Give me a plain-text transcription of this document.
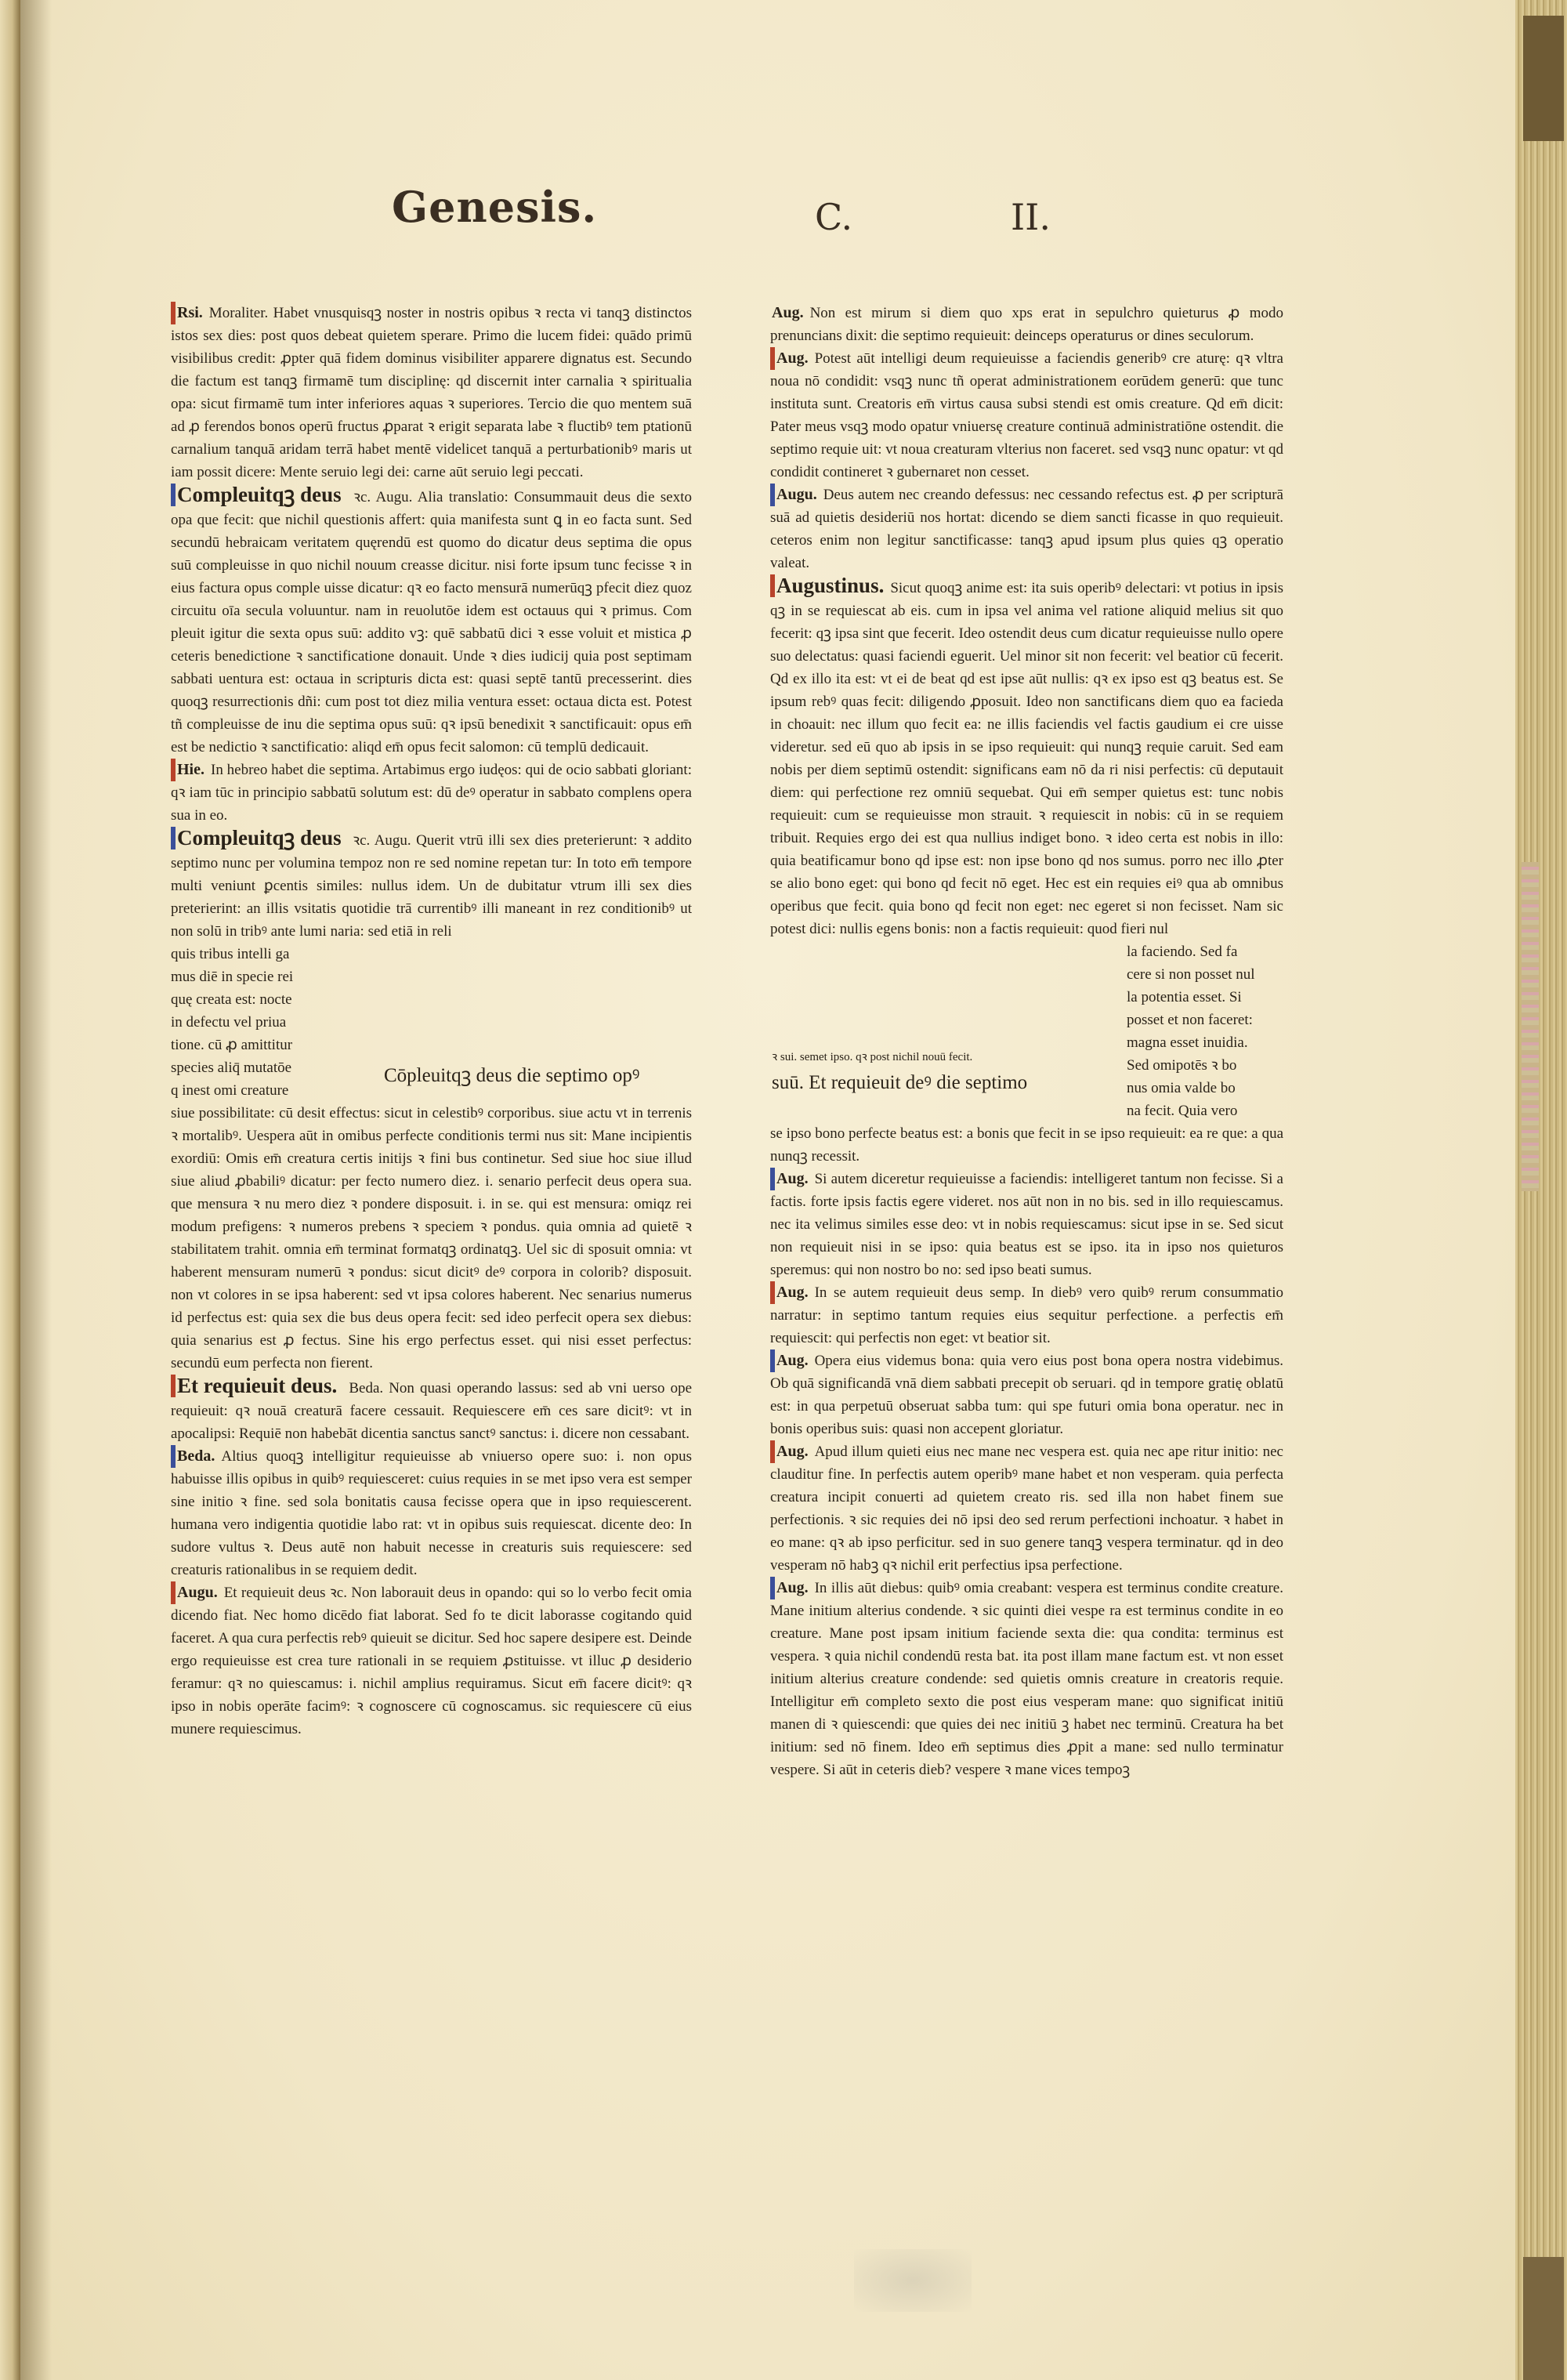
Genesis.	C.	II.

Rsi. Moraliter. Habet vnusquisqꝫ noster in nostris opibus ꝛ recta vi tanqꝫ distinctos istos sex dies: post quos debeat quietem sperare. Primo die lucem fidei: quādo primū visibilibus credit: ꝓpter quā fidem dominus visibiliter apparere dignatus est. Secundo die factum est tanqꝫ firmamē tum disciplinę: qd discernit inter carnalia ꝛ spiritualia opa: sicut firmamē tum inter inferiores aquas ꝛ superiores. Tercio die quo mentem suā ad ꝓ ferendos bonos operū fructus ꝓparat ꝛ erigit separata labe ꝛ fluctibꝰ tem ptationū carnalium tanquā aridam terrā habet mentē videlicet tanquā a perturbationibꝰ maris ut iam possit dicere: Mente seruio legi dei: carne aūt seruio legi peccati.

Compleuitqꝫ deus ꝛc. Augu. Alia translatio: Consummauit deus die sexto opa que fecit: que nichil questionis affert: quia manifesta sunt ꝗ in eo facta sunt. Sed secundū hebraicam veritatem quęrendū est quomo do dicatur deus septima die opus suū compleuisse in quo nichil nouum creasse dicitur. nisi forte ipsum tunc fecisse ꝛ in eius factura opus comple uisse dicatur: qꝛ eo facto mensurā numerūqꝫ pfecit diez quoz circuitu oīa secula voluuntur. nam in reuolutōe idem est octauus qui ꝛ primus. Com pleuit igitur die sexta opus suū: addito vꝫ: quē sabbatū dici ꝛ esse voluit et mistica ꝓ ceteris benedictione ꝛ sanctificatione donauit. Unde ꝛ dies iudicij quia post septimam sabbati uentura est: octaua in scripturis dicta est: quasi septē tantū precesserint. dies quoqꝫ resurrectionis dñi: cum post tot diez milia ventura esset: octaua dicta est. Potest tñ compleuisse de inu die septima opus suū: qꝛ ipsū benedixit ꝛ sanctificauit: opus em̄ est be nedictio ꝛ sanctificatio: aliqd em̄ opus fecit salomon: cū templū dedicauit.

Hie. In hebreo habet die septima. Artabimus ergo iudęos: qui de ocio sabbati gloriant: qꝛ iam tūc in principio sabbatū solutum est: dū deꝰ operatur in sabbato complens opera sua in eo.

Compleuitqꝫ deus ꝛc. Augu. Querit vtrū illi sex dies preterierunt: ꝛ addito septimo nunc per volumina tempoz non re sed nomine repetan tur: In toto em̄ tempore multi veniunt ꝑcentis similes: nullus idem. Un de dubitatur vtrum illi sex dies preterierint: an illis vsitatis quotidie trā currentibꝰ illi maneant in rez conditionibꝰ ut non solū in tribꝰ ante lumi naria: sed etiā in reli

quis tribus intelli ga

mus diē in specie rei

quę creata est: nocte

in defectu vel priua

tione. cū ꝓ amittitur

species aliq̄ mutatōe

q inest omi creature

siue possibilitate: cū desit effectus: sicut in celestibꝰ corporibus. siue actu vt in terrenis ꝛ mortalibꝰ. Uespera aūt in omibus perfecte conditionis termi nus sit: Mane incipientis exordiū: Omis em̄ creatura certis initijs ꝛ fini bus continetur. Sed siue hoc siue illud siue aliud ꝓbabiliꝰ dicatur: per fecto numero diez. i. senario perfecit deus opera sua. que mensura ꝛ nu mero diez ꝛ pondere disposuit. i. in se. qui est mensura: omiqz rei modum prefigens: ꝛ numeros prebens ꝛ speciem ꝛ pondus. quia omnia ad quietē ꝛ stabilitatem trahit. omnia em̄ terminat formatqꝫ ordinatqꝫ. Uel sic di sposuit omnia: vt haberent mensuram numerū ꝛ pondus: sicut dicitꝰ deꝰ corpora in colorib? disposuit. non vt colores in se ipsa haberent: sed vt ipsa colores haberent. Nec senarius numerus id perfectus est: quia sex die bus deus opera fecit: sed ideo perfecit opera sex diebus: quia senarius est ꝓ fectus. Sine his ergo perfectus esset. qui nisi esset perfectus: secundū eum perfecta non fierent.

Et requieuit deus. Beda. Non quasi operando lassus: sed ab vni uerso ope requieuit: qꝛ nouā creaturā facere cessauit. Requiescere em̄ ces sare dicitꝰ: vt in apocalipsi: Requiē non habebāt dicentia sanctus sanctꝰ sanctus: i. dicere non cessabant.

Beda. Altius quoqꝫ intelligitur requieuisse ab vniuerso opere suo: i. non opus habuisse illis opibus in quibꝰ requiesceret: cuius requies in se met ipso vera est semper sine initio ꝛ fine. sed sola bonitatis causa fecisse opera que in ipso requiescerent. humana vero indigentia quotidie labo rat: vt in opibus suis requiescat. dicente deo: In sudore vultus ꝛ. Deus autē non habuit necesse in creaturis suis requiescere: sed creaturis rationalibus in se requiem dedit.

Augu. Et requieuit deus ꝛc. Non laborauit deus in opando: qui so lo verbo fecit omia dicendo fiat. Nec homo dicēdo fiat laborat. Sed fo te dicit laborasse cogitando quid faceret. A qua cura perfectis rebꝰ quieuit se dicitur. Sed hoc sapere desipere est. Deinde ergo requieuisse est crea ture rationali in se requiem ꝓstituisse. vt illuc ꝓ desiderio feramur: qꝛ no quiescamus: i. nichil amplius requiramus. Sicut em̄ facere dicitꝰ: qꝛ ipso in nobis operāte facimꝰ: ꝛ cognoscere cū cognoscamus. sic requiescere cū eius munere requiescimus.

Cōpleuitqꝫ deus die septimo opꝰ

ꝛ sui. semet ipso. qꝛ post nichil nouū fecit.

suū. Et requieuit deꝰ die septimo

Aug. Non est mirum si diem quo xps erat in sepulchro quieturus ꝓ modo prenuncians dixit: die septimo requieuit: deinceps operaturus or dines seculorum.

Aug. Potest aūt intelligi deum requieuisse a faciendis generibꝰ cre aturę: qꝛ vltra noua nō condidit: vsqꝫ nunc tñ operat administrationem eorūdem generū: que tunc instituta sunt. Creatoris em̄ virtus causa subsi stendi est omis creature. Qd em̄ dicit: Pater meus vsqꝫ modo opatur vniuersę creature continuā administratiōne ostendit. die septimo requie uit: vt noua creaturam vlterius non faceret. sed vsqꝫ nunc opatur: vt qd condidit contineret ꝛ gubernaret non cesset.

Augu. Deus autem nec creando defessus: nec cessando refectus est. ꝓ per scripturā suā ad quietis desideriū nos hortat: dicendo se diem sancti ficasse in quo requieuit. ceteros enim non legitur sanctificasse: tanqꝫ apud ipsum plus quies qꝫ operatio valeat.

Augustinus. Sicut quoqꝫ anime est: ita suis operibꝰ delectari: vt potius in ipsis qꝫ in se requiescat ab eis. cum in ipsa vel anima vel ratione aliquid melius sit quo fecerit: qꝫ ipsa sint que fecerit. Ideo ostendit deus cum dicatur requieuisse nullo opere suo delectatus: quasi faciendi eguerit. Uel minor sit non fecerit: vel beatior cū fecerit. Qd ex illo ita est: vt ei de beat qd est ipse aūt nullis: qꝛ ex ipso est qꝫ beatus est. Se ipsum rebꝰ quas fecit: diligendo ꝓposuit. Ideo non sanctificans diem quo ea facieda in choauit: nec illum quo fecit ea: ne illis faciendis vel factis gaudium ei cre uisse videretur. sed eū quo ab ipsis in se ipso requieuit: qui nunqꝫ requie caruit. Sed eam nobis per diem septimū ostendit: significans eam nō da ri nisi perfectis: cū deputauit diem: qui perfectione rez omniū sequebat. Qui em̄ semper quietus est: tunc nobis requieuit: cum se requieuisse mon strauit. ꝛ requiescit in nobis: cū in se requiem tribuit. Requies ergo dei est qua nullius indiget bono. ꝛ ideo certa est nobis in illo: quia beatificamur bono qd ipse est: non ipse bono qd nos sumus. porro nec illo ꝓter se alio bono eget: qui bono qd fecit nō eget. Hec est ein requies eiꝰ qua ab omnibus operibus que fecit. quia bono qd fecit non eget: nec egeret si non fecisset. Nam sic potest dici: nullis egens bonis: non a factis requieuit: quod fieri nul

la faciendo. Sed fa

cere si non posset nul

la potentia esset. Si

posset et non faceret:

magna esset inuidia.

Sed omipotēs ꝛ bo

nus omia valde bo

na fecit. Quia vero

se ipso bono perfecte beatus est: a bonis que fecit in se ipso requieuit: ea re que: a qua nunqꝫ recessit.

Aug. Si autem diceretur requieuisse a faciendis: intelligeret tantum non fecisse. Si a factis. forte ipsis factis egere videret. nos aūt non in no bis. sed in illo requiescamus. nec ita velimus similes esse deo: vt in nobis requiescamus: sicut ipse in se. Sed sicut non requieuit nisi in se ipso: quia beatus est se ipso. ita in ipso nos quieturos speremus: qui non nostro bo no: sed ipso beati sumus.

Aug. In se autem requieuit deus semp. In diebꝰ vero quibꝰ rerum consummatio narratur: in septimo tantum requies eius sequitur perfectione. a perfectis em̄ requiescit: qui perfectis non eget: vt beatior sit.

Aug. Opera eius videmus bona: quia vero eius post bona opera nostra videbimus. Ob quā significandā vnā diem sabbati precepit ob seruari. qd in tempore gratię oblatū est: in qua perpetuū obseruat sabba tum: qui spe futuri omia bona operatur. nec in bonis operibus suis: quasi non accepent gloriatur.

Aug. Apud illum quieti eius nec mane nec vespera est. quia nec ape ritur initio: nec clauditur fine. In perfectis autem operibꝰ mane habet et non vesperam. quia perfecta creatura incipit conuerti ad quietem creato ris. sed illa non habet finem sue perfectionis. ꝛ sic requies dei nō ipsi deo sed rerum perfectioni inchoatur. ꝛ habet in eo mane: qꝛ ab ipso perficitur. sed in suo genere tanqꝫ vespera terminatur. qd in deo vesperam nō habꝫ qꝛ nichil erit perfectius ipsa perfectione.

Aug. In illis aūt diebus: quibꝰ omia creabant: vespera est terminus condite creature. Mane initium alterius condende. ꝛ sic quinti diei vespe ra est terminus condite in eo creature. Mane post ipsam initium faciende sexta die: qua condita: terminus est vespera. ꝛ quia nichil condendū resta bat. ita post illam mane factum est. vt non esset initium alterius creature condende: sed quietis omnis creature in creatoris requie. Intelligitur em̄ completo sexto die post eius vesperam mane: quo significat initiū manen di ꝛ quiescendi: que quies dei nec initiū ꝫ habet nec terminū. Creatura ha bet initium: sed nō finem. Ideo em̄ septimus dies ꝓpit a mane: sed nullo terminatur vespere. Si aūt in ceteris dieb? vespere ꝛ mane vices tempoꝫ
